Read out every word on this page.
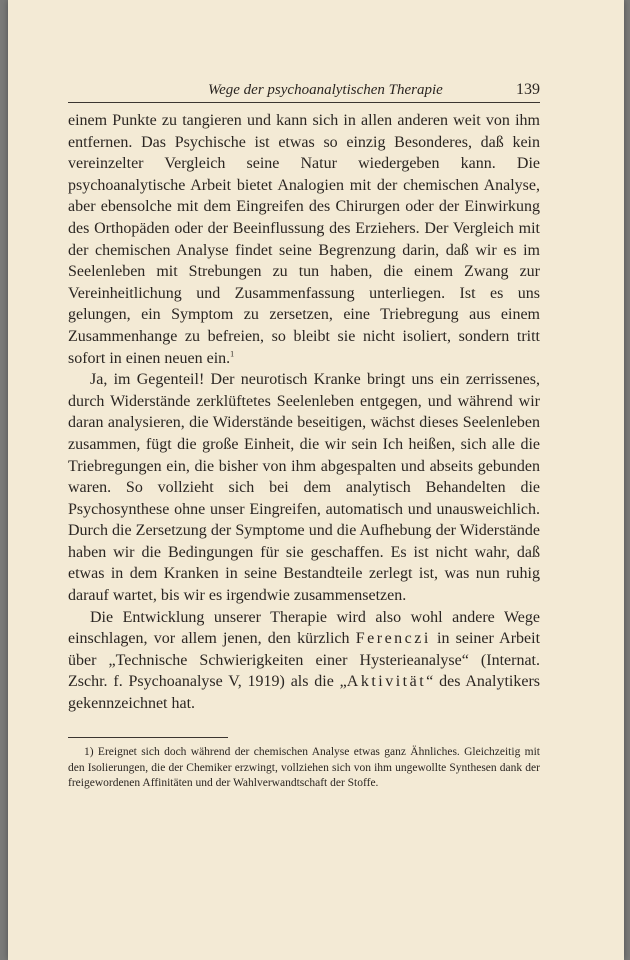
Wege der psychoanalytischen Therapie	139

einem Punkte zu tangieren und kann sich in allen anderen weit von ihm entfernen. Das Psychische ist etwas so einzig Besonderes, daß kein vereinzelter Vergleich seine Natur wiedergeben kann. Die psychoanalytische Arbeit bietet Analogien mit der chemischen Analyse, aber ebensolche mit dem Eingreifen des Chirurgen oder der Einwirkung des Orthopäden oder der Beeinflussung des Erziehers. Der Vergleich mit der chemischen Analyse findet seine Begrenzung darin, daß wir es im Seelenleben mit Strebungen zu tun haben, die einem Zwang zur Vereinheitlichung und Zusammenfassung unterliegen. Ist es uns gelungen, ein Symptom zu zersetzen, eine Triebregung aus einem Zusammenhange zu befreien, so bleibt sie nicht isoliert, sondern tritt sofort in einen neuen ein.$^1$

Ja, im Gegenteil! Der neurotisch Kranke bringt uns ein zerrissenes, durch Widerstände zerklüftetes Seelenleben entgegen, und während wir daran analysieren, die Widerstände beseitigen, wächst dieses Seelenleben zusammen, fügt die große Einheit, die wir sein Ich heißen, sich alle die Triebregungen ein, die bisher von ihm abgespalten und abseits gebunden waren. So vollzieht sich bei dem analytisch Behandelten die Psychosynthese ohne unser Eingreifen, automatisch und unausweichlich. Durch die Zersetzung der Symptome und die Aufhebung der Widerstände haben wir die Bedingungen für sie geschaffen. Es ist nicht wahr, daß etwas in dem Kranken in seine Bestandteile zerlegt ist, was nun ruhig darauf wartet, bis wir es irgendwie zusammensetzen.

Die Entwicklung unserer Therapie wird also wohl andere Wege einschlagen, vor allem jenen, den kürzlich Ferenczi in seiner Arbeit über „Technische Schwierigkeiten einer Hysterieanalyse“ (Internat. Zschr. f. Psychoanalyse V, 1919) als die „Aktivität“ des Analytikers gekennzeichnet hat.

1) Ereignet sich doch während der chemischen Analyse etwas ganz Ähnliches. Gleichzeitig mit den Isolierungen, die der Chemiker erzwingt, vollziehen sich von ihm ungewollte Synthesen dank der freigewordenen Affinitäten und der Wahlverwandtschaft der Stoffe.
